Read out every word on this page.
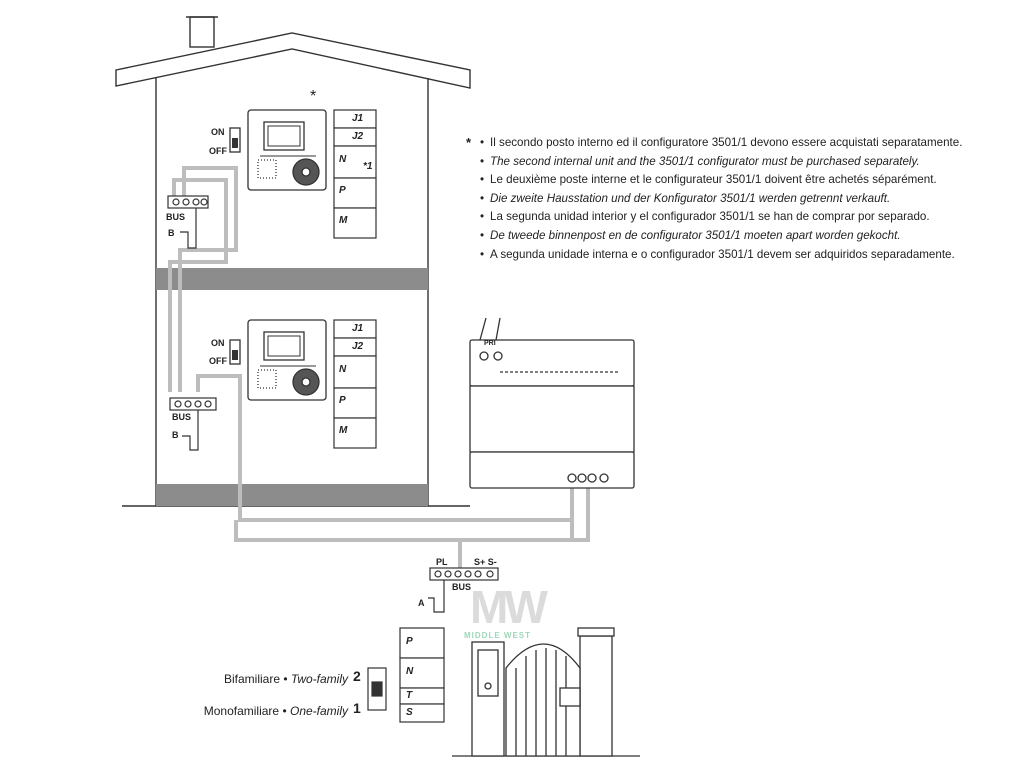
MW
MIDDLE WEST
ON
OFF
*
BUS
B
J1
J2
N
*1
P
M
ON
OFF
BUS
B
J1
J2
N
P
M
PRI
PL	S+ S-
BUS
A
P
N
T
S
Bifamiliare • Two-family 2
Monofamiliare • One-family 1
* • Il secondo posto interno ed il configuratore 3501/1 devono essere acquistati separatamente.
• The second internal unit and the 3501/1 configurator must be purchased separately.
• Le deuxième poste interne et le configurateur 3501/1 doivent être achetés séparément.
• Die zweite Hausstation und der Konfigurator 3501/1 werden getrennt verkauft.
• La segunda unidad interior y el configurador 3501/1 se han de comprar por separado.
• De tweede binnenpost en de configurator 3501/1 moeten apart worden gekocht.
• A segunda unidade interna e o configurador 3501/1 devem ser adquiridos separadamente.
